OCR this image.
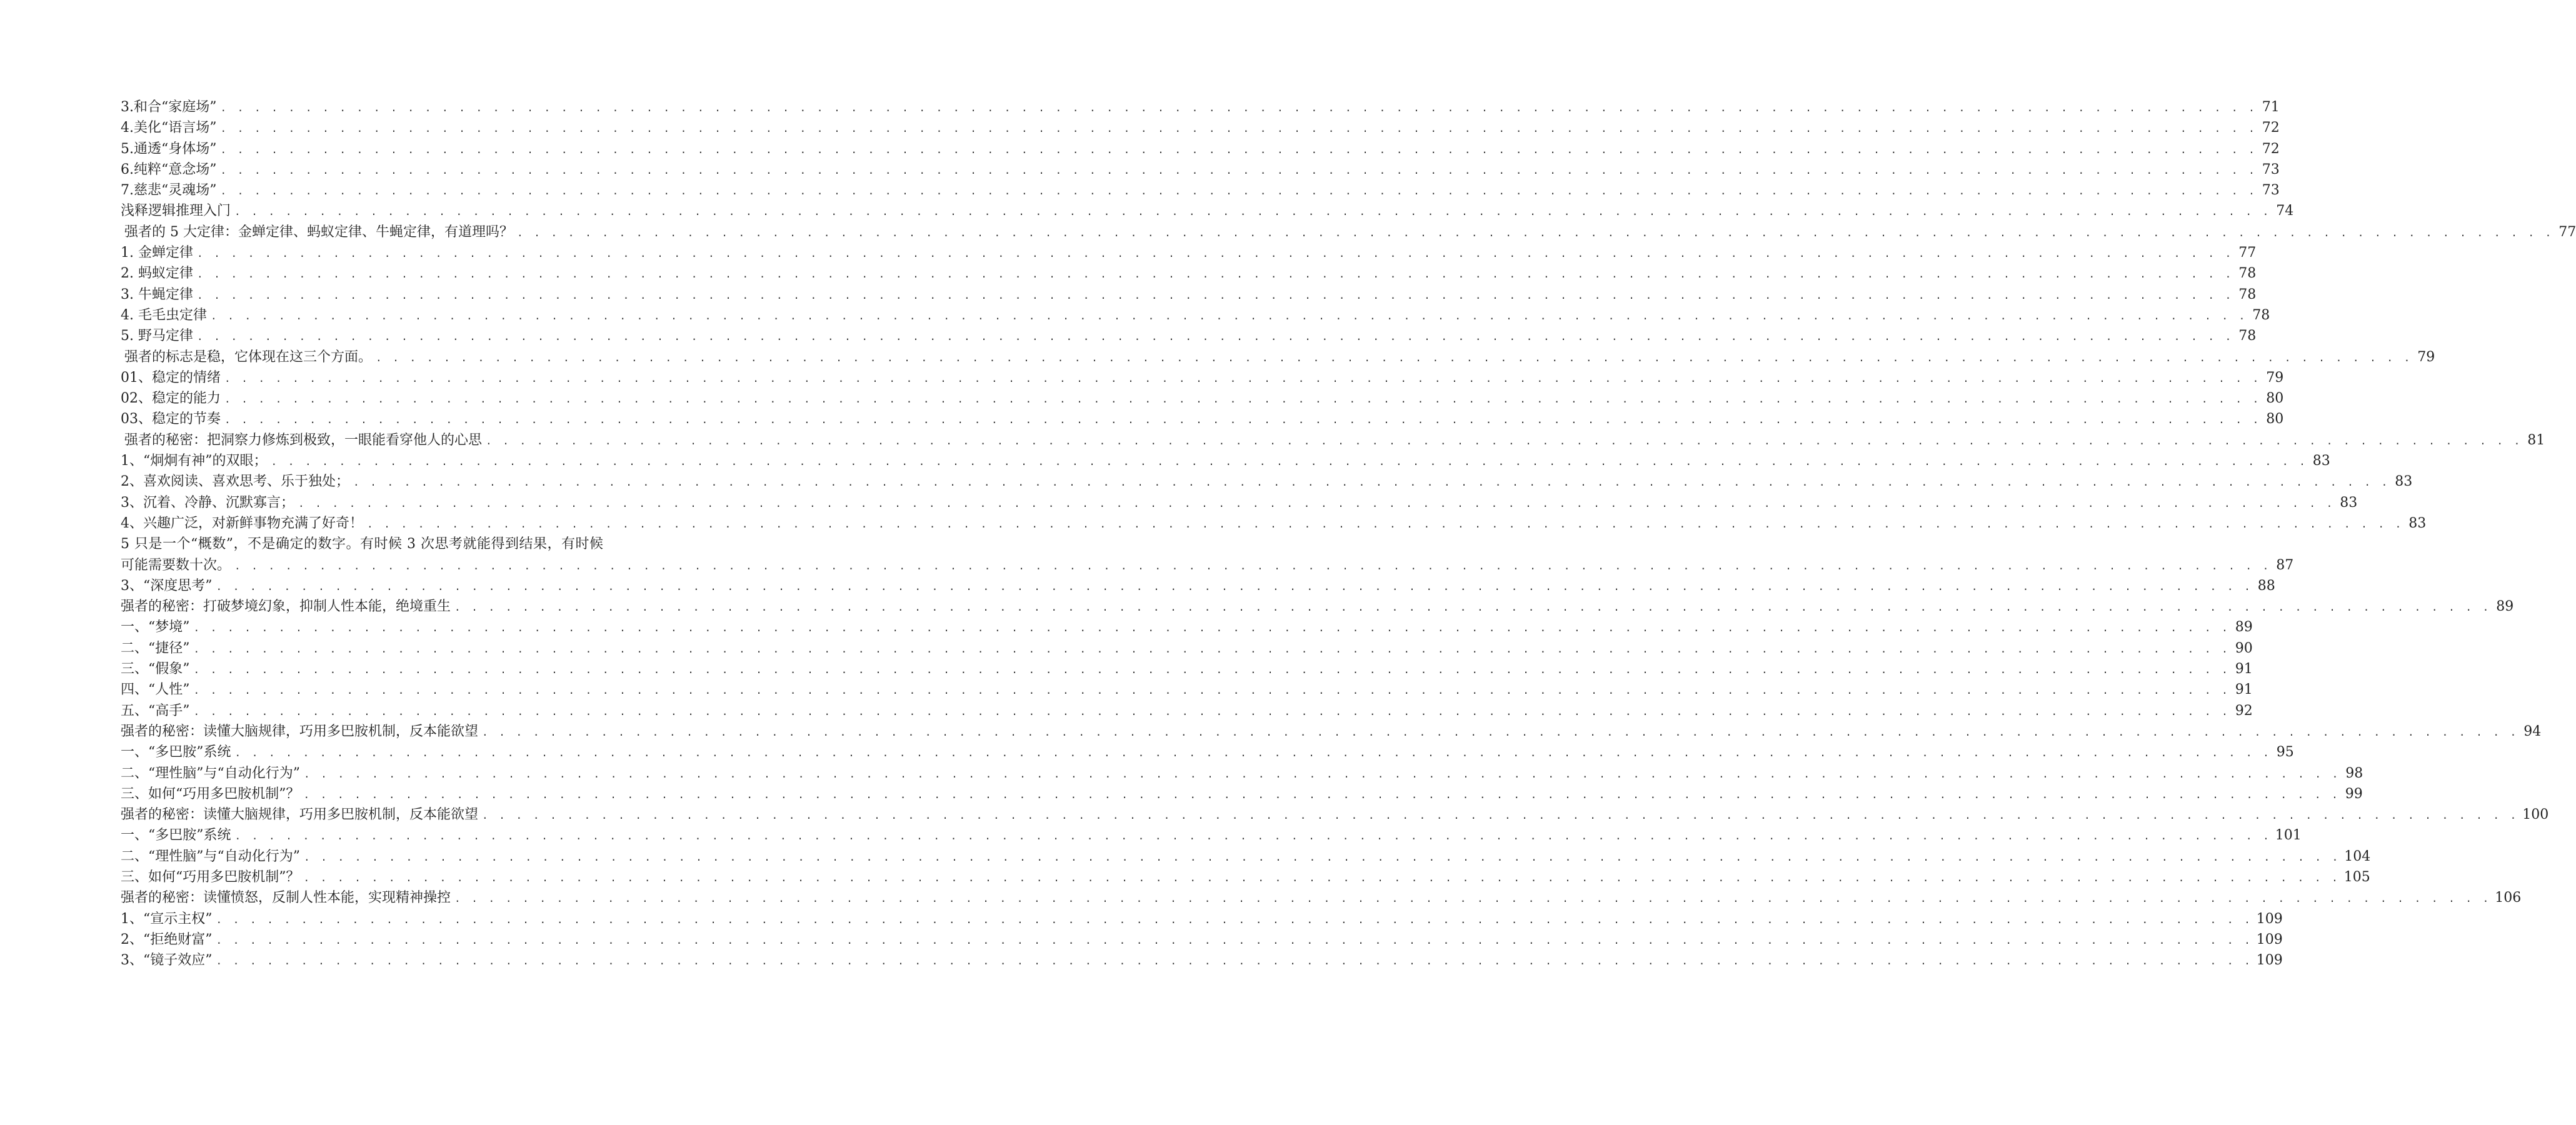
3.和合“家庭场” . . . . . . . . . . . . . . . . . . . . . . . . . . . . . . . . . . . . . . . . . . . . . . . . . . . . . . . . . . . . . . . . . . . . . . . . . . . . . . . . . . . . . . . . . . . . . . . . . . . . . . . . . . . . . . . . . . . . . . . . 71
4.美化“语言场” . . . . . . . . . . . . . . . . . . . . . . . . . . . . . . . . . . . . . . . . . . . . . . . . . . . . . . . . . . . . . . . . . . . . . . . . . . . . . . . . . . . . . . . . . . . . . . . . . . . . . . . . . . . . . . . . . . . . . . . . 72
5.通透“身体场” . . . . . . . . . . . . . . . . . . . . . . . . . . . . . . . . . . . . . . . . . . . . . . . . . . . . . . . . . . . . . . . . . . . . . . . . . . . . . . . . . . . . . . . . . . . . . . . . . . . . . . . . . . . . . . . . . . . . . . . . 72
6.纯粹“意念场” . . . . . . . . . . . . . . . . . . . . . . . . . . . . . . . . . . . . . . . . . . . . . . . . . . . . . . . . . . . . . . . . . . . . . . . . . . . . . . . . . . . . . . . . . . . . . . . . . . . . . . . . . . . . . . . . . . . . . . . . 73
7.慈悲“灵魂场” . . . . . . . . . . . . . . . . . . . . . . . . . . . . . . . . . . . . . . . . . . . . . . . . . . . . . . . . . . . . . . . . . . . . . . . . . . . . . . . . . . . . . . . . . . . . . . . . . . . . . . . . . . . . . . . . . . . . . . . . 73
浅释逻辑推理入门 . . . . . . . . . . . . . . . . . . . . . . . . . . . . . . . . . . . . . . . . . . . . . . . . . . . . . . . . . . . . . . . . . . . . . . . . . . . . . . . . . . . . . . . . . . . . . . . . . . . . . . . . . . . . . . . . . . . . . . . . 74
强者的 5 大定律：金蝉定律、蚂蚁定律、牛蝇定律，有道理吗？ . . . . . . . . . . . . . . . . . . . . . . . . . . . . . . . . . . . . . . . . . . . . . . . . . . . . . . . . . . . . . . . . . . . . . . . . . . . . . . . . . . . . . . . . . . . . . . . . . . . . . . . . . . . . . . . . . . . . . . . . 77
1. 金蝉定律 . . . . . . . . . . . . . . . . . . . . . . . . . . . . . . . . . . . . . . . . . . . . . . . . . . . . . . . . . . . . . . . . . . . . . . . . . . . . . . . . . . . . . . . . . . . . . . . . . . . . . . . . . . . . . . . . . . . . . . . . 77
2. 蚂蚁定律 . . . . . . . . . . . . . . . . . . . . . . . . . . . . . . . . . . . . . . . . . . . . . . . . . . . . . . . . . . . . . . . . . . . . . . . . . . . . . . . . . . . . . . . . . . . . . . . . . . . . . . . . . . . . . . . . . . . . . . . . 78
3. 牛蝇定律 . . . . . . . . . . . . . . . . . . . . . . . . . . . . . . . . . . . . . . . . . . . . . . . . . . . . . . . . . . . . . . . . . . . . . . . . . . . . . . . . . . . . . . . . . . . . . . . . . . . . . . . . . . . . . . . . . . . . . . . . 78
4. 毛毛虫定律 . . . . . . . . . . . . . . . . . . . . . . . . . . . . . . . . . . . . . . . . . . . . . . . . . . . . . . . . . . . . . . . . . . . . . . . . . . . . . . . . . . . . . . . . . . . . . . . . . . . . . . . . . . . . . . . . . . . . . . . . 78
5. 野马定律 . . . . . . . . . . . . . . . . . . . . . . . . . . . . . . . . . . . . . . . . . . . . . . . . . . . . . . . . . . . . . . . . . . . . . . . . . . . . . . . . . . . . . . . . . . . . . . . . . . . . . . . . . . . . . . . . . . . . . . . . 78
强者的标志是稳，它体现在这三个方面。 . . . . . . . . . . . . . . . . . . . . . . . . . . . . . . . . . . . . . . . . . . . . . . . . . . . . . . . . . . . . . . . . . . . . . . . . . . . . . . . . . . . . . . . . . . . . . . . . . . . . . . . . . . . . . . . . . . . . . . . . 79
01、稳定的情绪 . . . . . . . . . . . . . . . . . . . . . . . . . . . . . . . . . . . . . . . . . . . . . . . . . . . . . . . . . . . . . . . . . . . . . . . . . . . . . . . . . . . . . . . . . . . . . . . . . . . . . . . . . . . . . . . . . . . . . . . . 79
02、稳定的能力 . . . . . . . . . . . . . . . . . . . . . . . . . . . . . . . . . . . . . . . . . . . . . . . . . . . . . . . . . . . . . . . . . . . . . . . . . . . . . . . . . . . . . . . . . . . . . . . . . . . . . . . . . . . . . . . . . . . . . . . . 80
03、稳定的节奏 . . . . . . . . . . . . . . . . . . . . . . . . . . . . . . . . . . . . . . . . . . . . . . . . . . . . . . . . . . . . . . . . . . . . . . . . . . . . . . . . . . . . . . . . . . . . . . . . . . . . . . . . . . . . . . . . . . . . . . . . 80
强者的秘密：把洞察力修炼到极致，一眼能看穿他人的心思 . . . . . . . . . . . . . . . . . . . . . . . . . . . . . . . . . . . . . . . . . . . . . . . . . . . . . . . . . . . . . . . . . . . . . . . . . . . . . . . . . . . . . . . . . . . . . . . . . . . . . . . . . . . . . . . . . . . . . . . . 81
1、“炯炯有神”的双眼； . . . . . . . . . . . . . . . . . . . . . . . . . . . . . . . . . . . . . . . . . . . . . . . . . . . . . . . . . . . . . . . . . . . . . . . . . . . . . . . . . . . . . . . . . . . . . . . . . . . . . . . . . . . . . . . . . . . . . . . . 83
2、喜欢阅读、喜欢思考、乐于独处； . . . . . . . . . . . . . . . . . . . . . . . . . . . . . . . . . . . . . . . . . . . . . . . . . . . . . . . . . . . . . . . . . . . . . . . . . . . . . . . . . . . . . . . . . . . . . . . . . . . . . . . . . . . . . . . . . . . . . . . . 83
3、沉着、冷静、沉默寡言； . . . . . . . . . . . . . . . . . . . . . . . . . . . . . . . . . . . . . . . . . . . . . . . . . . . . . . . . . . . . . . . . . . . . . . . . . . . . . . . . . . . . . . . . . . . . . . . . . . . . . . . . . . . . . . . . . . . . . . . . 83
4、兴趣广泛，对新鲜事物充满了好奇！ . . . . . . . . . . . . . . . . . . . . . . . . . . . . . . . . . . . . . . . . . . . . . . . . . . . . . . . . . . . . . . . . . . . . . . . . . . . . . . . . . . . . . . . . . . . . . . . . . . . . . . . . . . . . . . . . . . . . . . . . 83
5 只是一个“概数”，不是确定的数字。有时候 3 次思考就能得到结果，有时候
可能需要数十次。 . . . . . . . . . . . . . . . . . . . . . . . . . . . . . . . . . . . . . . . . . . . . . . . . . . . . . . . . . . . . . . . . . . . . . . . . . . . . . . . . . . . . . . . . . . . . . . . . . . . . . . . . . . . . . . . . . . . . . . . . 87
3、“深度思考” . . . . . . . . . . . . . . . . . . . . . . . . . . . . . . . . . . . . . . . . . . . . . . . . . . . . . . . . . . . . . . . . . . . . . . . . . . . . . . . . . . . . . . . . . . . . . . . . . . . . . . . . . . . . . . . . . . . . . . . . 88
强者的秘密：打破梦境幻象，抑制人性本能，绝境重生 . . . . . . . . . . . . . . . . . . . . . . . . . . . . . . . . . . . . . . . . . . . . . . . . . . . . . . . . . . . . . . . . . . . . . . . . . . . . . . . . . . . . . . . . . . . . . . . . . . . . . . . . . . . . . . . . . . . . . . . . 89
一、“梦境” . . . . . . . . . . . . . . . . . . . . . . . . . . . . . . . . . . . . . . . . . . . . . . . . . . . . . . . . . . . . . . . . . . . . . . . . . . . . . . . . . . . . . . . . . . . . . . . . . . . . . . . . . . . . . . . . . . . . . . . . 89
二、“捷径” . . . . . . . . . . . . . . . . . . . . . . . . . . . . . . . . . . . . . . . . . . . . . . . . . . . . . . . . . . . . . . . . . . . . . . . . . . . . . . . . . . . . . . . . . . . . . . . . . . . . . . . . . . . . . . . . . . . . . . . . 90
三、“假象” . . . . . . . . . . . . . . . . . . . . . . . . . . . . . . . . . . . . . . . . . . . . . . . . . . . . . . . . . . . . . . . . . . . . . . . . . . . . . . . . . . . . . . . . . . . . . . . . . . . . . . . . . . . . . . . . . . . . . . . . 91
四、“人性” . . . . . . . . . . . . . . . . . . . . . . . . . . . . . . . . . . . . . . . . . . . . . . . . . . . . . . . . . . . . . . . . . . . . . . . . . . . . . . . . . . . . . . . . . . . . . . . . . . . . . . . . . . . . . . . . . . . . . . . . 91
五、“高手” . . . . . . . . . . . . . . . . . . . . . . . . . . . . . . . . . . . . . . . . . . . . . . . . . . . . . . . . . . . . . . . . . . . . . . . . . . . . . . . . . . . . . . . . . . . . . . . . . . . . . . . . . . . . . . . . . . . . . . . . 92
强者的秘密：读懂大脑规律，巧用多巴胺机制，反本能欲望 . . . . . . . . . . . . . . . . . . . . . . . . . . . . . . . . . . . . . . . . . . . . . . . . . . . . . . . . . . . . . . . . . . . . . . . . . . . . . . . . . . . . . . . . . . . . . . . . . . . . . . . . . . . . . . . . . . . . . . . . 94
一、“多巴胺”系统 . . . . . . . . . . . . . . . . . . . . . . . . . . . . . . . . . . . . . . . . . . . . . . . . . . . . . . . . . . . . . . . . . . . . . . . . . . . . . . . . . . . . . . . . . . . . . . . . . . . . . . . . . . . . . . . . . . . . . . . . 95
二、“理性脑”与“自动化行为” . . . . . . . . . . . . . . . . . . . . . . . . . . . . . . . . . . . . . . . . . . . . . . . . . . . . . . . . . . . . . . . . . . . . . . . . . . . . . . . . . . . . . . . . . . . . . . . . . . . . . . . . . . . . . . . . . . . . . . . . 98
三、如何“巧用多巴胺机制”？ . . . . . . . . . . . . . . . . . . . . . . . . . . . . . . . . . . . . . . . . . . . . . . . . . . . . . . . . . . . . . . . . . . . . . . . . . . . . . . . . . . . . . . . . . . . . . . . . . . . . . . . . . . . . . . . . . . . . . . . . 99
强者的秘密：读懂大脑规律，巧用多巴胺机制，反本能欲望 . . . . . . . . . . . . . . . . . . . . . . . . . . . . . . . . . . . . . . . . . . . . . . . . . . . . . . . . . . . . . . . . . . . . . . . . . . . . . . . . . . . . . . . . . . . . . . . . . . . . . . . . . . . . . . . . . . . . . . . . 100
一、“多巴胺”系统 . . . . . . . . . . . . . . . . . . . . . . . . . . . . . . . . . . . . . . . . . . . . . . . . . . . . . . . . . . . . . . . . . . . . . . . . . . . . . . . . . . . . . . . . . . . . . . . . . . . . . . . . . . . . . . . . . . . . . . . . 101
二、“理性脑”与“自动化行为” . . . . . . . . . . . . . . . . . . . . . . . . . . . . . . . . . . . . . . . . . . . . . . . . . . . . . . . . . . . . . . . . . . . . . . . . . . . . . . . . . . . . . . . . . . . . . . . . . . . . . . . . . . . . . . . . . . . . . . . . 104
三、如何“巧用多巴胺机制”？ . . . . . . . . . . . . . . . . . . . . . . . . . . . . . . . . . . . . . . . . . . . . . . . . . . . . . . . . . . . . . . . . . . . . . . . . . . . . . . . . . . . . . . . . . . . . . . . . . . . . . . . . . . . . . . . . . . . . . . . . 105
强者的秘密：读懂愤怒，反制人性本能，实现精神操控 . . . . . . . . . . . . . . . . . . . . . . . . . . . . . . . . . . . . . . . . . . . . . . . . . . . . . . . . . . . . . . . . . . . . . . . . . . . . . . . . . . . . . . . . . . . . . . . . . . . . . . . . . . . . . . . . . . . . . . . . 106
1、“宣示主权” . . . . . . . . . . . . . . . . . . . . . . . . . . . . . . . . . . . . . . . . . . . . . . . . . . . . . . . . . . . . . . . . . . . . . . . . . . . . . . . . . . . . . . . . . . . . . . . . . . . . . . . . . . . . . . . . . . . . . . . . 109
2、“拒绝财富” . . . . . . . . . . . . . . . . . . . . . . . . . . . . . . . . . . . . . . . . . . . . . . . . . . . . . . . . . . . . . . . . . . . . . . . . . . . . . . . . . . . . . . . . . . . . . . . . . . . . . . . . . . . . . . . . . . . . . . . . 109
3、“镜子效应” . . . . . . . . . . . . . . . . . . . . . . . . . . . . . . . . . . . . . . . . . . . . . . . . . . . . . . . . . . . . . . . . . . . . . . . . . . . . . . . . . . . . . . . . . . . . . . . . . . . . . . . . . . . . . . . . . . . . . . . . 109
